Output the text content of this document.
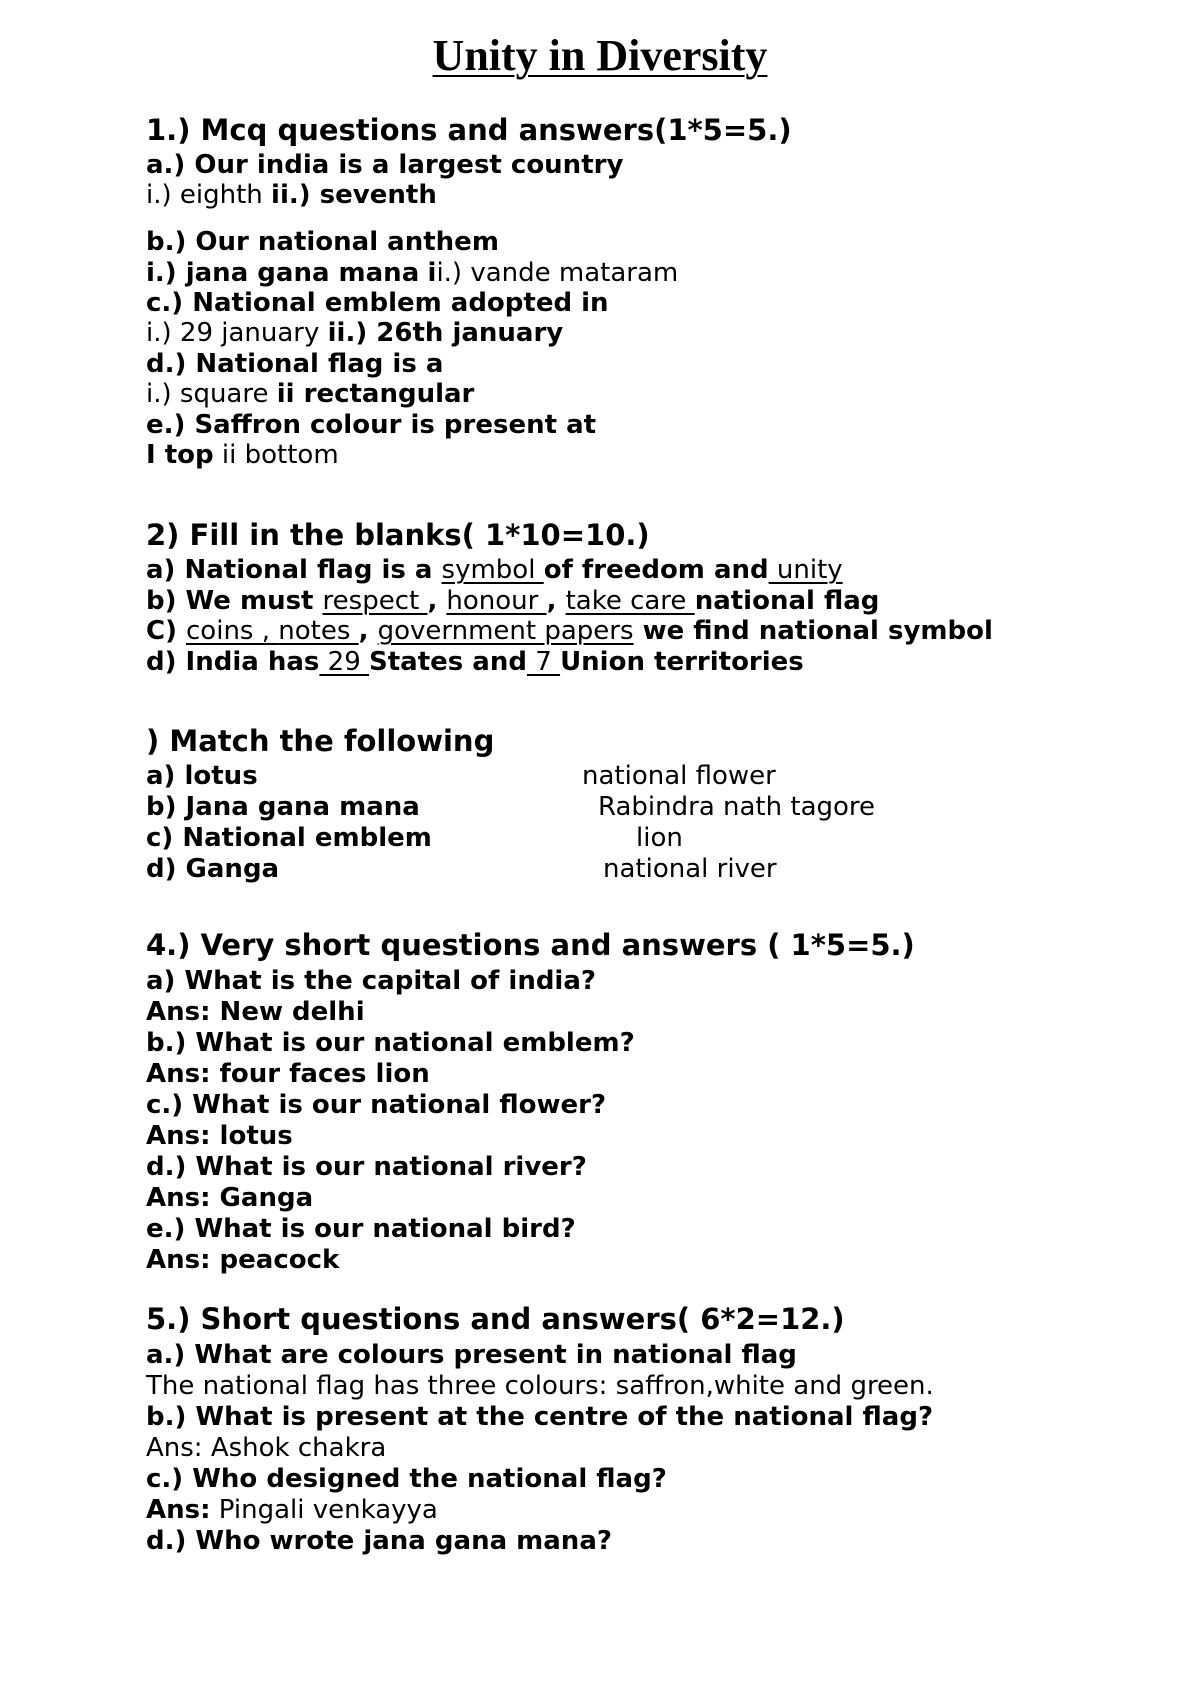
Unity in Diversity
1.) Mcq questions and answers(1*5=5.)
a.) Our india is a largest country
i.) eighth ii.) seventh
b.) Our national anthem
i.) jana gana mana ii.) vande mataram
c.) National emblem adopted in
i.) 29 january ii.) 26th january
d.) National flag is a
i.) square ii rectangular
e.) Saffron colour is present at
I top ii bottom
2) Fill in the blanks( 1*10=10.)
a) National flag is a symbol of freedom and unity
b) We must respect , honour , take care national flag
C) coins , notes , government papers we find national symbol
d) India has 29 States and 7 Union territories
) Match the following
a) lotus	national flower
b) Jana gana mana	Rabindra nath tagore
c) National emblem	lion
d) Ganga	national river
4.) Very short questions and answers ( 1*5=5.)
a) What is the capital of india?
Ans: New delhi
b.) What is our national emblem?
Ans: four faces lion
c.) What is our national flower?
Ans: lotus
d.) What is our national river?
Ans: Ganga
e.) What is our national bird?
Ans: peacock
5.) Short questions and answers( 6*2=12.)
a.) What are colours present in national flag
The national flag has three colours: saffron,white and green.
b.) What is present at the centre of the national flag?
Ans: Ashok chakra
c.) Who designed the national flag?
Ans: Pingali venkayya
d.) Who wrote jana gana mana?
